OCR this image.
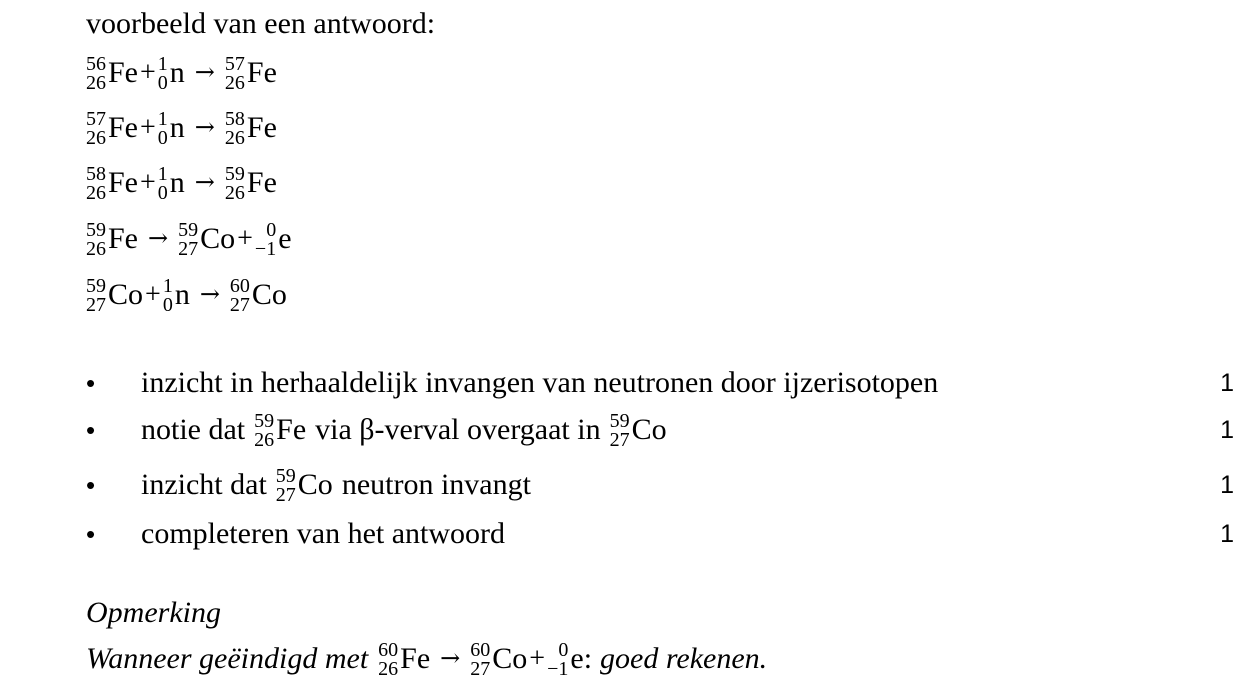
voorbeeld van een antwoord:
56
26 Fe + 1
0 n → 57
26 Fe
57
26 Fe + 1
0 n → 58
26 Fe
58
26 Fe + 1
0 n → 59
26 Fe
59
26 Fe → 59
27 Co + 0
−1 e
59
27 Co + 1
0 n → 60
27 Co
• inzicht in herhaaldelijk invangen van neutronen door ijzerisotopen	1
• notie dat 59
26 Fe via β-verval overgaat in 59
27 Co	1
• inzicht dat 59
27 Co neutron invangt	1
• completeren van het antwoord	1
Opmerking
Wanneer geëindigd met 60
26 Fe → 60
27 Co + 0
−1 e : goed rekenen.
